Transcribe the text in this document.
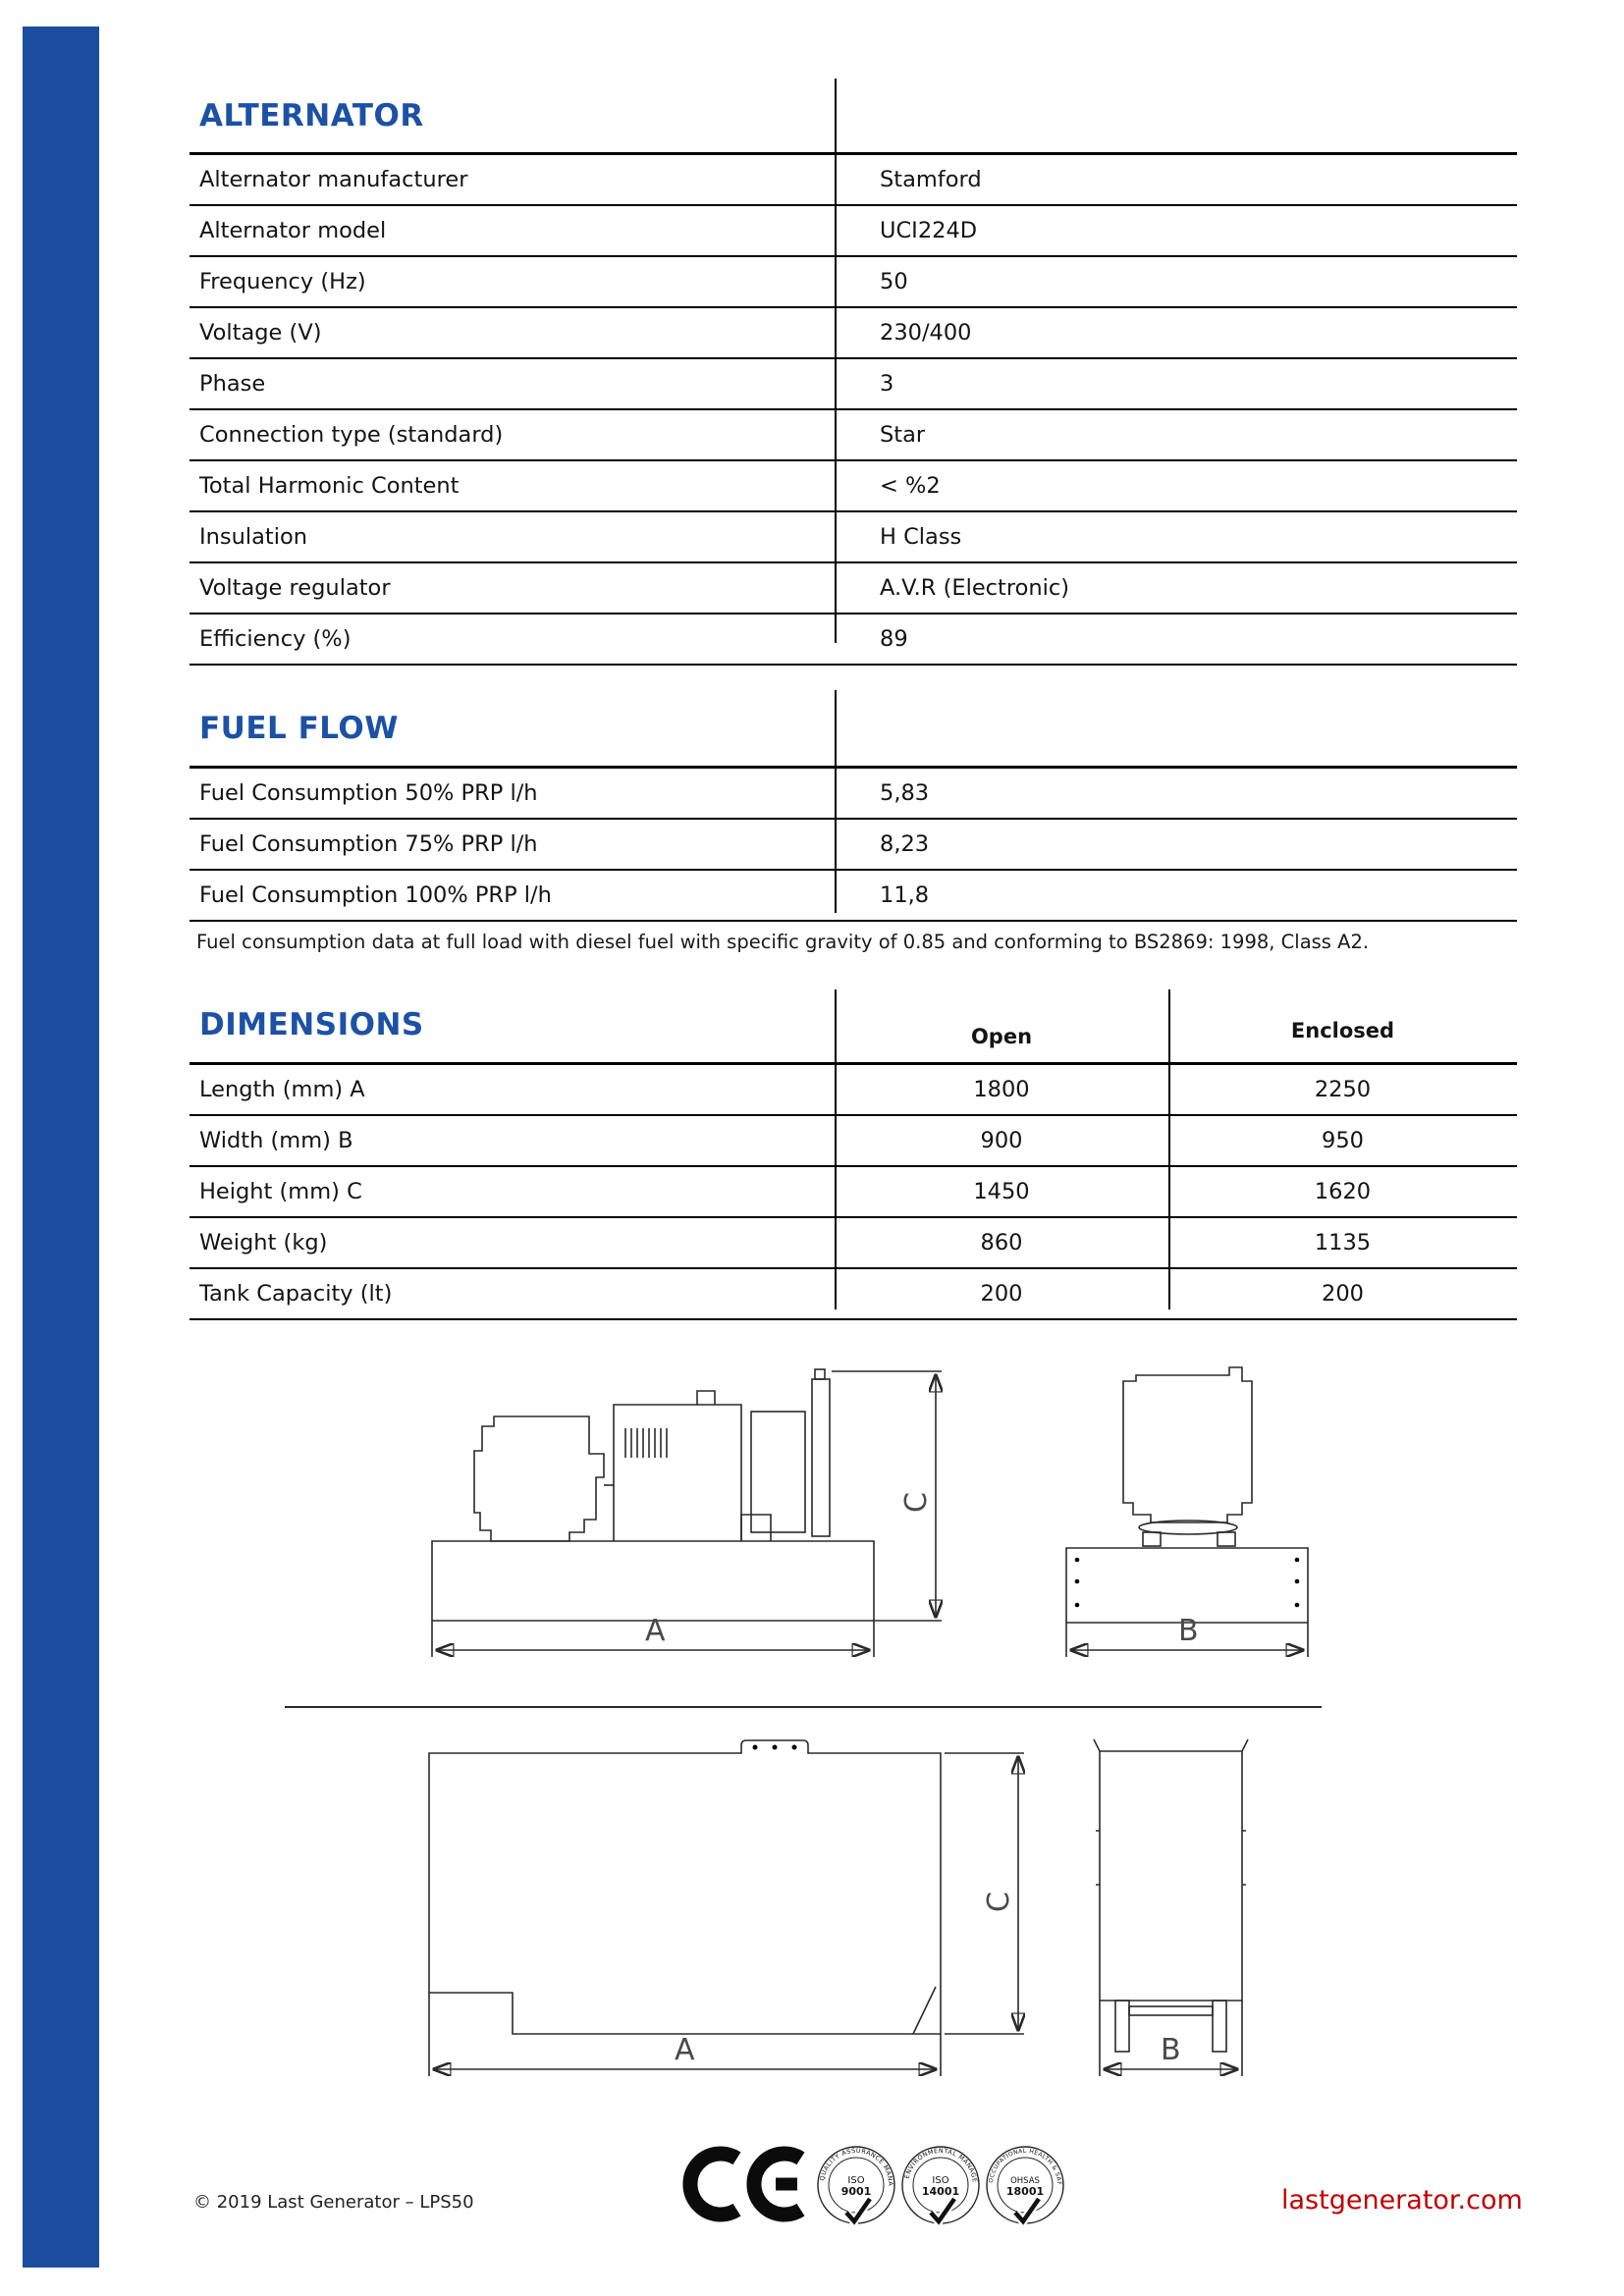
ALTERNATOR
Alternator manufacturer	Stamford
Alternator model	UCI224D
Frequency (Hz)	50
Voltage (V)	230/400
Phase	3
Connection type (standard)	Star
Total Harmonic Content	< %2
Insulation	H Class
Voltage regulator	A.V.R (Electronic)
Efficiency (%)	89
FUEL FLOW
Fuel Consumption 50% PRP l/h	5,83
Fuel Consumption 75% PRP l/h	8,23
Fuel Consumption 100% PRP l/h	11,8
Fuel consumption data at full load with diesel fuel with specific gravity of 0.85 and conforming to BS2869: 1998, Class A2.
DIMENSIONS	Open	Enclosed
Length (mm) A	1800	2250
Width (mm) B	900	950
Height (mm) C	1450	1620
Weight (kg)	860	1135
Tank Capacity (lt)	200	200
A
C
B
A
C
B
© 2019 Last Generator – LPS50
QUALITY ASSURANCE MANAGEMENT
ISO
9001
ENVIRONMENTAL MANAGEMENT
ISO
14001
OCCUPATIONAL HEALTH & SAFETY
OHSAS
18001	lastgenerator.com
